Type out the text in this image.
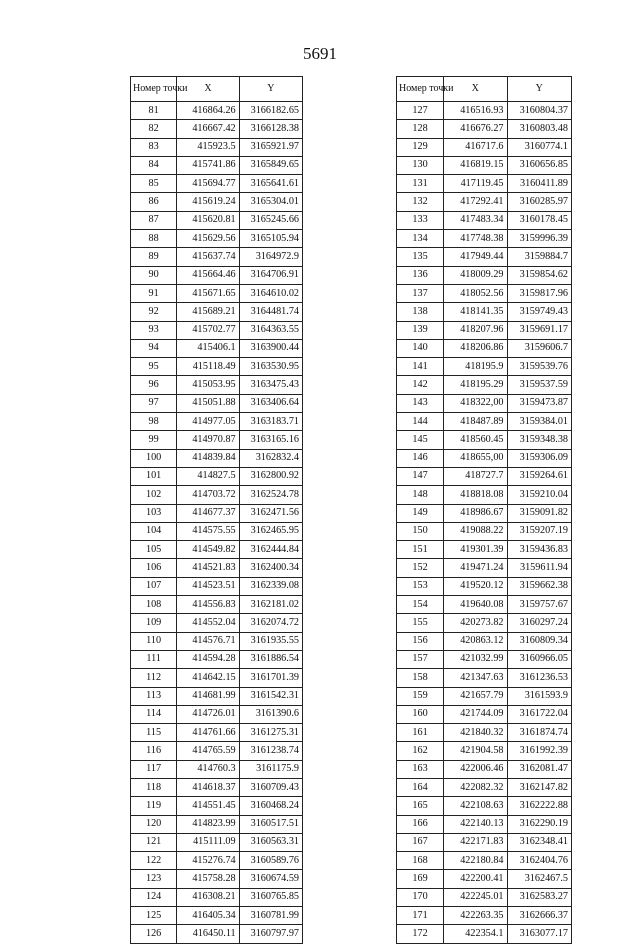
5691
Номер точки	X	Y
81	416864.26	3166182.65
82	416667.42	3166128.38
83	415923.5	3165921.97
84	415741.86	3165849.65
85	415694.77	3165641.61
86	415619.24	3165304.01
87	415620.81	3165245.66
88	415629.56	3165105.94
89	415637.74	3164972.9
90	415664.46	3164706.91
91	415671.65	3164610.02
92	415689.21	3164481.74
93	415702.77	3164363.55
94	415406.1	3163900.44
95	415118.49	3163530.95
96	415053.95	3163475.43
97	415051.88	3163406.64
98	414977.05	3163183.71
99	414970.87	3163165.16
100	414839.84	3162832.4
101	414827.5	3162800.92
102	414703.72	3162524.78
103	414677.37	3162471.56
104	414575.55	3162465.95
105	414549.82	3162444.84
106	414521.83	3162400.34
107	414523.51	3162339.08
108	414556.83	3162181.02
109	414552.04	3162074.72
110	414576.71	3161935.55
111	414594.28	3161886.54
112	414642.15	3161701.39
113	414681.99	3161542.31
114	414726.01	3161390.6
115	414761.66	3161275.31
116	414765.59	3161238.74
117	414760.3	3161175.9
118	414618.37	3160709.43
119	414551.45	3160468.24
120	414823.99	3160517.51
121	415111.09	3160563.31
122	415276.74	3160589.76
123	415758.28	3160674.59
124	416308.21	3160765.85
125	416405.34	3160781.99
126	416450.11	3160797.97
Номер точки	X	Y
127	416516.93	3160804.37
128	416676.27	3160803.48
129	416717.6	3160774.1
130	416819.15	3160656.85
131	417119.45	3160411.89
132	417292.41	3160285.97
133	417483.34	3160178.45
134	417748.38	3159996.39
135	417949.44	3159884.7
136	418009.29	3159854.62
137	418052.56	3159817.96
138	418141.35	3159749.43
139	418207.96	3159691.17
140	418206.86	3159606.7
141	418195.9	3159539.76
142	418195.29	3159537.59
143	418322,00	3159473.87
144	418487.89	3159384.01
145	418560.45	3159348.38
146	418655,00	3159306.09
147	418727.7	3159264.61
148	418818.08	3159210.04
149	418986.67	3159091.82
150	419088.22	3159207.19
151	419301.39	3159436.83
152	419471.24	3159611.94
153	419520.12	3159662.38
154	419640.08	3159757.67
155	420273.82	3160297.24
156	420863.12	3160809.34
157	421032.99	3160966.05
158	421347.63	3161236.53
159	421657.79	3161593.9
160	421744.09	3161722.04
161	421840.32	3161874.74
162	421904.58	3161992.39
163	422006.46	3162081.47
164	422082.32	3162147.82
165	422108.63	3162222.88
166	422140.13	3162290.19
167	422171.83	3162348.41
168	422180.84	3162404.76
169	422200.41	3162467.5
170	422245.01	3162583.27
171	422263.35	3162666.37
172	422354.1	3163077.17
